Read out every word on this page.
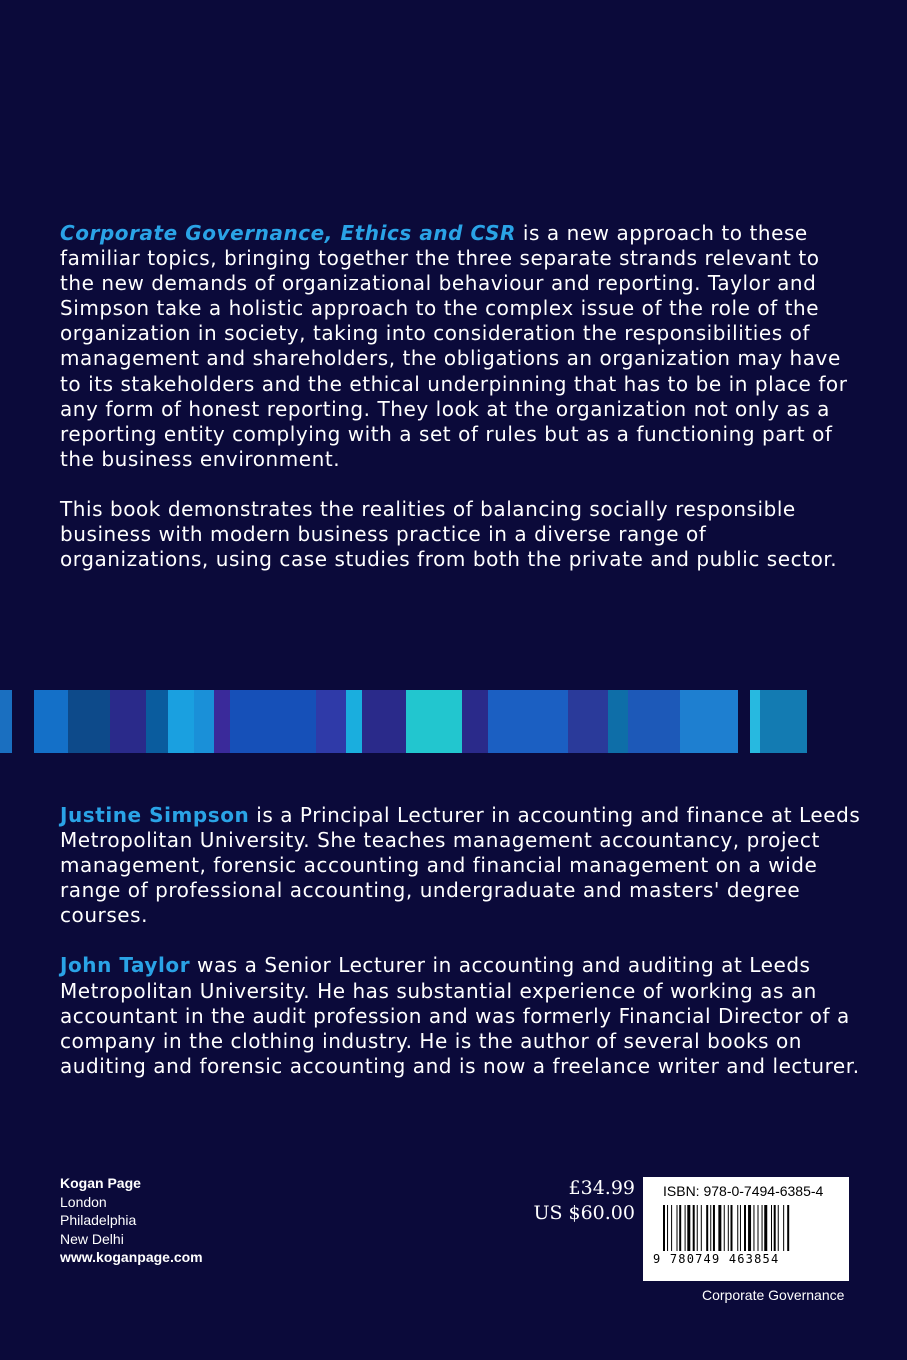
Corporate Governance, Ethics and CSR is a new approach to these familiar topics, bringing together the three separate strands relevant to the new demands of organizational behaviour and reporting. Taylor and Simpson take a holistic approach to the complex issue of the role of the organization in society, taking into consideration the responsibilities of management and shareholders, the obligations an organization may have to its stakeholders and the ethical underpinning that has to be in place for any form of honest reporting. They look at the organization not only as a reporting entity complying with a set of rules but as a functioning part of the business environment.

This book demonstrates the realities of balancing socially responsible business with modern business practice in a diverse range of organizations, using case studies from both the private and public sector.

Justine Simpson is a Principal Lecturer in accounting and finance at Leeds Metropolitan University. She teaches management accountancy, project management, forensic accounting and financial management on a wide range of professional accounting, undergraduate and masters' degree courses.

John Taylor was a Senior Lecturer in accounting and auditing at Leeds Metropolitan University. He has substantial experience of working as an accountant in the audit profession and was formerly Financial Director of a company in the clothing industry. He is the author of several books on auditing and forensic accounting and is now a freelance writer and lecturer.

Kogan Page
London
Philadelphia
New Delhi
www.koganpage.com
£34.99
US $60.00
ISBN: 978-0-7494-6385-4
9 780749 463854
Corporate Governance
